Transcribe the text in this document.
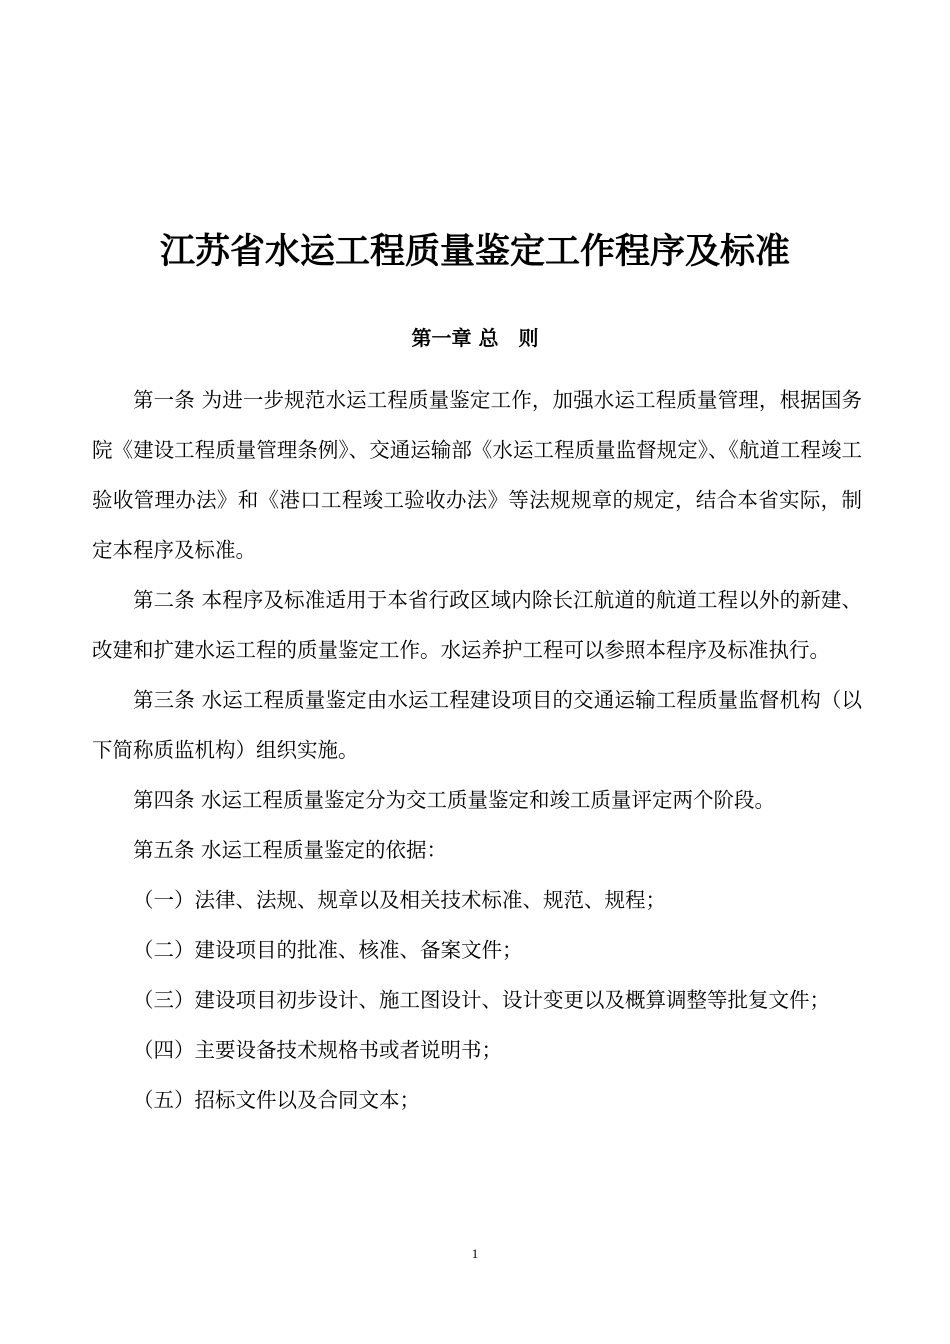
江苏省水运工程质量鉴定工作程序及标准
第一章 总　则

第一条 为进一步规范水运工程质量鉴定工作，加强水运工程质量管理，根据国务院《建设工程质量管理条例》、交通运输部《水运工程质量监督规定》、《航道工程竣工验收管理办法》和《港口工程竣工验收办法》等法规规章的规定，结合本省实际，制定本程序及标准。

第二条 本程序及标准适用于本省行政区域内除长江航道的航道工程以外的新建、改建和扩建水运工程的质量鉴定工作。水运养护工程可以参照本程序及标准执行。

第三条 水运工程质量鉴定由水运工程建设项目的交通运输工程质量监督机构（以下简称质监机构）组织实施。

第四条 水运工程质量鉴定分为交工质量鉴定和竣工质量评定两个阶段。

第五条 水运工程质量鉴定的依据：

（一）法律、法规、规章以及相关技术标准、规范、规程；

（二）建设项目的批准、核准、备案文件；

（三）建设项目初步设计、施工图设计、设计变更以及概算调整等批复文件；

（四）主要设备技术规格书或者说明书；

（五）招标文件以及合同文本；

1
